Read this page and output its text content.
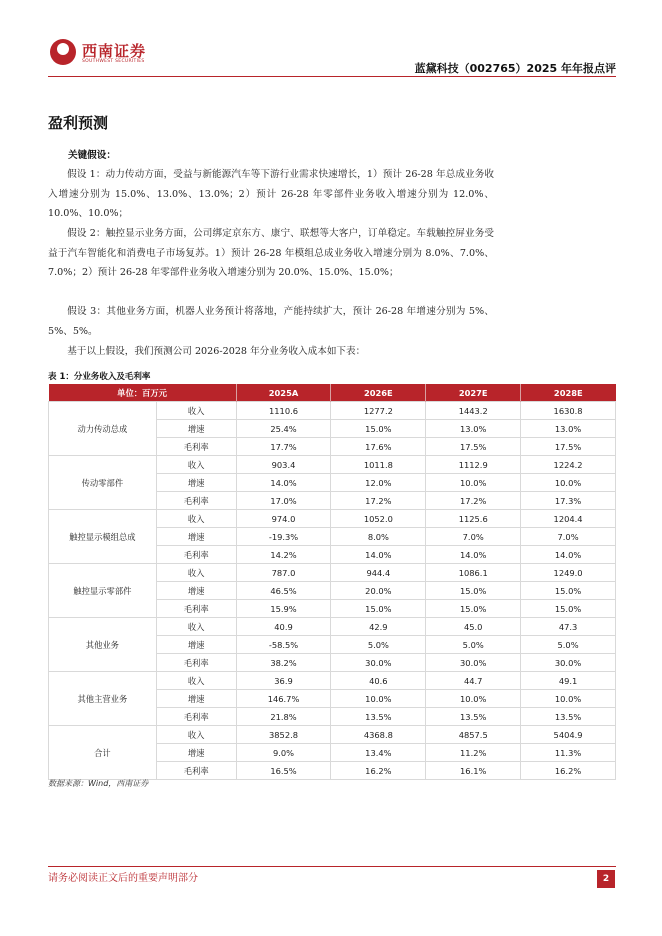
西南证券
SOUTHWEST SECURITIES
蓝黛科技（002765）2025 年年报点评
盈利预测
关键假设：
假设 1：动力传动方面，受益与新能源汽车等下游行业需求快速增长，1）预计 26-28 年总成业务收入增速分别为 15.0%、13.0%、13.0%；2）预计 26-28 年零部件业务收入增速分别为 12.0%、10.0%、10.0%；
假设 2：触控显示业务方面，公司绑定京东方、康宁、联想等大客户，订单稳定。车载触控屏业务受益于汽车智能化和消费电子市场复苏。1）预计 26-28 年模组总成业务收入增速分别为 8.0%、7.0%、7.0%；2）预计 26-28 年零部件业务收入增速分别为 20.0%、15.0%、15.0%；
假设 3：其他业务方面，机器人业务预计将落地，产能持续扩大，预计 26-28 年增速分别为 5%、5%、5%。
基于以上假设，我们预测公司 2026-2028 年分业务收入成本如下表：
表 1：分业务收入及毛利率
单位：百万元		2025A	2026E	2027E	2028E
动力传动总成	收入	1110.6	1277.2	1443.2	1630.8
	增速	25.4%	15.0%	13.0%	13.0%
	毛利率	17.7%	17.6%	17.5%	17.5%
传动零部件	收入	903.4	1011.8	1112.9	1224.2
	增速	14.0%	12.0%	10.0%	10.0%
	毛利率	17.0%	17.2%	17.2%	17.3%
触控显示模组总成	收入	974.0	1052.0	1125.6	1204.4
	增速	-19.3%	8.0%	7.0%	7.0%
	毛利率	14.2%	14.0%	14.0%	14.0%
触控显示零部件	收入	787.0	944.4	1086.1	1249.0
	增速	46.5%	20.0%	15.0%	15.0%
	毛利率	15.9%	15.0%	15.0%	15.0%
其他业务	收入	40.9	42.9	45.0	47.3
	增速	-58.5%	5.0%	5.0%	5.0%
	毛利率	38.2%	30.0%	30.0%	30.0%
其他主营业务	收入	36.9	40.6	44.7	49.1
	增速	146.7%	10.0%	10.0%	10.0%
	毛利率	21.8%	13.5%	13.5%	13.5%
合计	收入	3852.8	4368.8	4857.5	5404.9
	增速	9.0%	13.4%	11.2%	11.3%
	毛利率	16.5%	16.2%	16.1%	16.2%
数据来源：Wind，西南证券
请务必阅读正文后的重要声明部分	2
